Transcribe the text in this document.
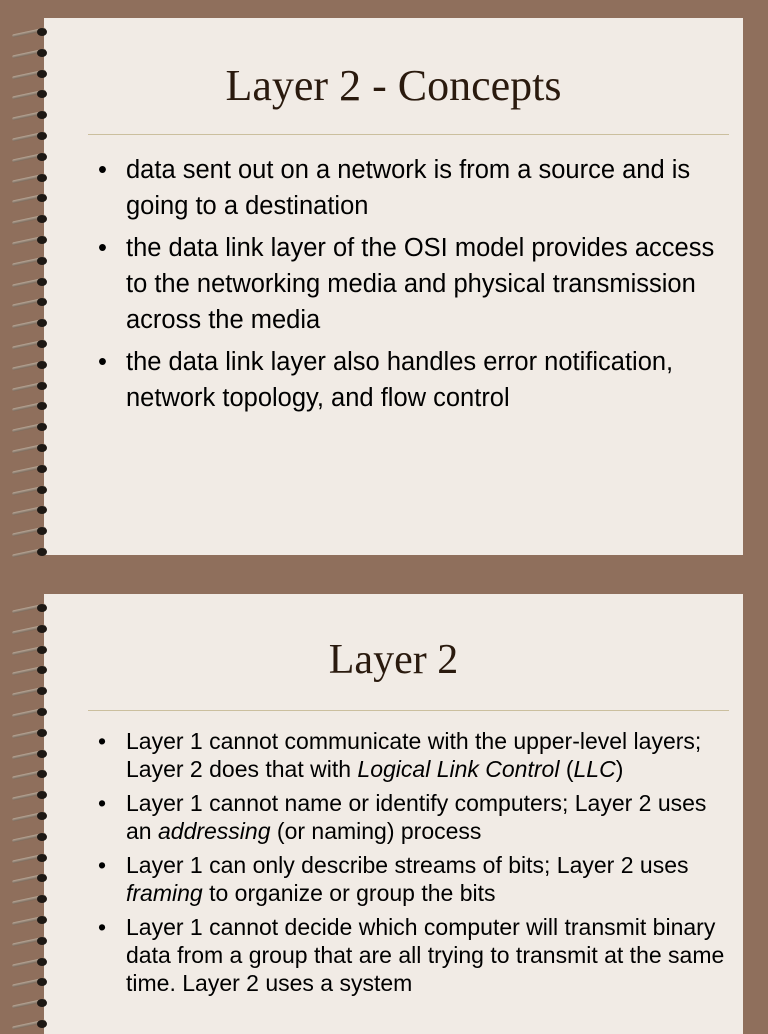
Layer 2 - Concepts
• data sent out on a network is from a source and is going to a destination
• the data link layer of the OSI model provides access to the networking media and physical transmission across the media
• the data link layer also handles error notification, network topology, and flow control
Layer 2
• Layer 1 cannot communicate with the upper-level layers; Layer 2 does that with Logical Link Control (LLC)
• Layer 1 cannot name or identify computers; Layer 2 uses an addressing (or naming) process
• Layer 1 can only describe streams of bits; Layer 2 uses framing to organize or group the bits
• Layer 1 cannot decide which computer will transmit binary data from a group that are all trying to transmit at the same time. Layer 2 uses a system
